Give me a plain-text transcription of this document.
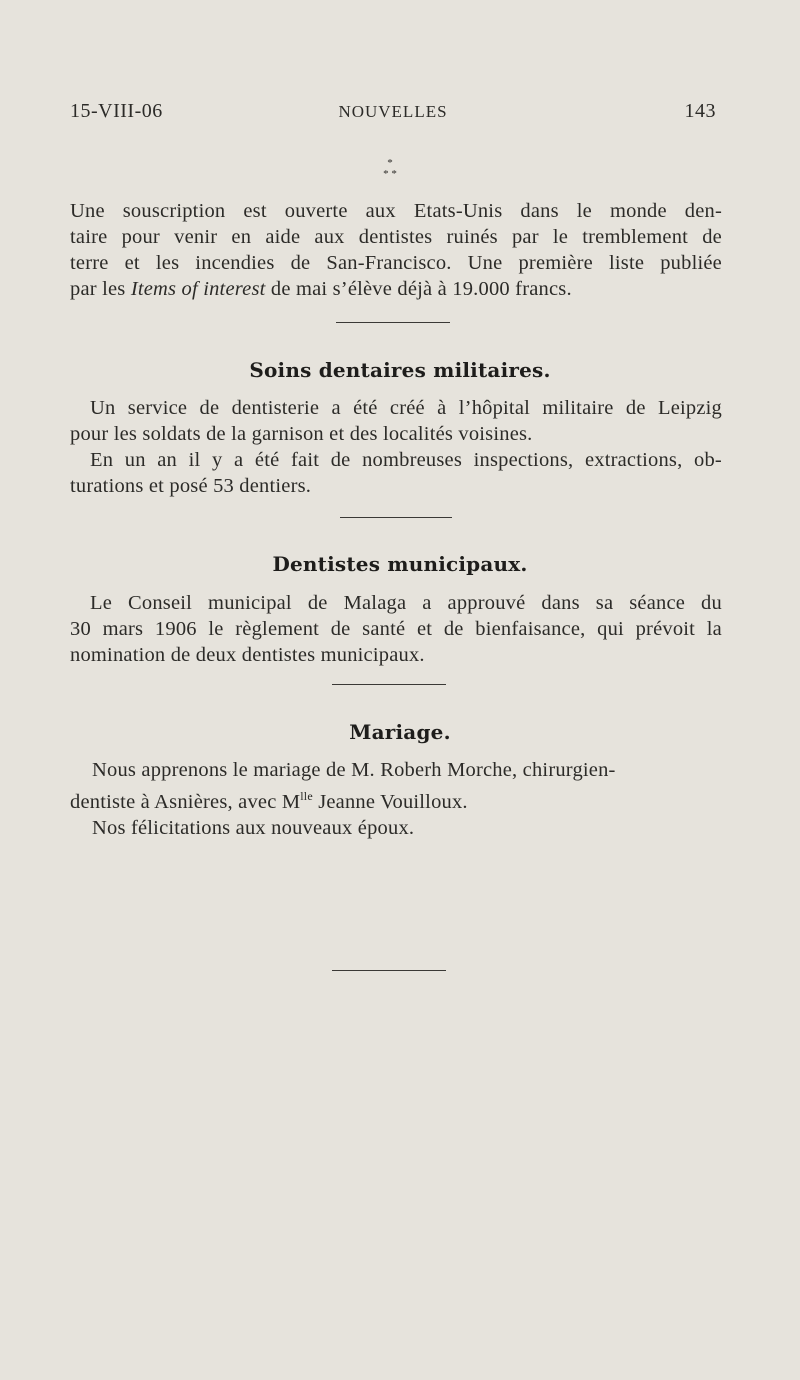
15-VIII-06	NOUVELLES	143
*
* *
Une souscription est ouverte aux Etats-Unis dans le monde den-
taire pour venir en aide aux dentistes ruinés par le tremblement de
terre et les incendies de San-Francisco. Une première liste publiée
par les Items of interest de mai s’élève déjà à 19.000 francs.
Soins dentaires militaires.
Un service de dentisterie a été créé à l’hôpital militaire de Leipzig
pour les soldats de la garnison et des localités voisines.
En un an il y a été fait de nombreuses inspections, extractions, ob-
turations et posé 53 dentiers.
Dentistes municipaux.
Le Conseil municipal de Malaga a approuvé dans sa séance du
30 mars 1906 le règlement de santé et de bienfaisance, qui prévoit la
nomination de deux dentistes municipaux.
Mariage.
Nous apprenons le mariage de M. Roberh Morche, chirurgien-
dentiste à Asnières, avec $M^{lle}$ Jeanne Vouilloux.
Nos félicitations aux nouveaux époux.
